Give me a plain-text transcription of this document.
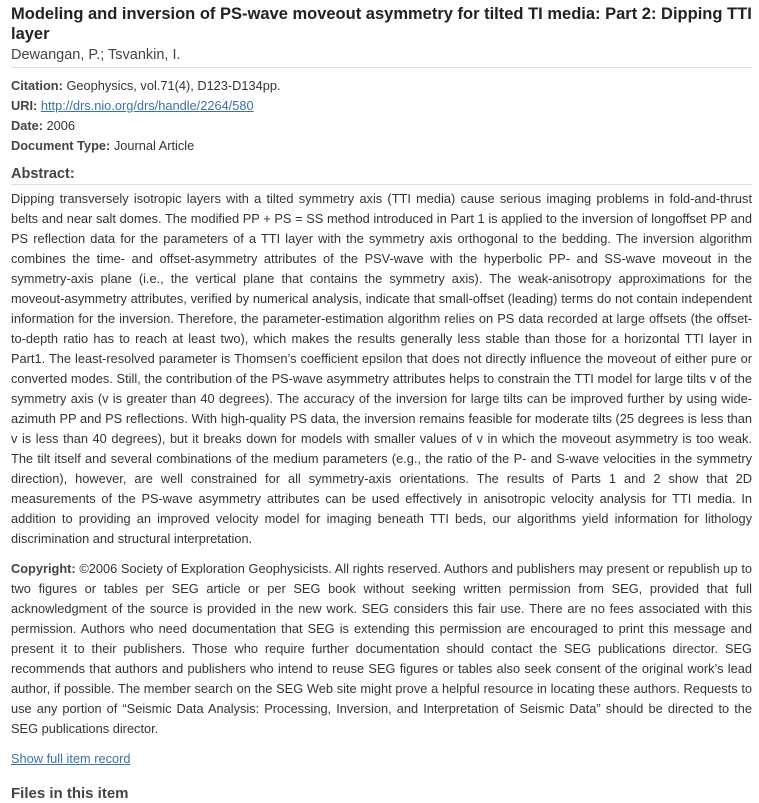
Modeling and inversion of PS-wave moveout asymmetry for tilted TI media: Part 2: Dipping TTI layer
Dewangan, P.; Tsvankin, I.
Citation: Geophysics, vol.71(4), D123-D134pp.
URI: http://drs.nio.org/drs/handle/2264/580
Date: 2006
Document Type: Journal Article
Abstract:

Dipping transversely isotropic layers with a tilted symmetry axis (TTI media) cause serious imaging problems in fold-and-thrust belts and near salt domes. The modified PP + PS = SS method introduced in Part 1 is applied to the inversion of longoffset PP and PS reflection data for the parameters of a TTI layer with the symmetry axis orthogonal to the bedding. The inversion algorithm combines the time- and offset-asymmetry attributes of the PSV-wave with the hyperbolic PP- and SS-wave moveout in the symmetry-axis plane (i.e., the vertical plane that contains the symmetry axis). The weak-anisotropy approximations for the moveout-asymmetry attributes, verified by numerical analysis, indicate that small-offset (leading) terms do not contain independent information for the inversion. Therefore, the parameter-estimation algorithm relies on PS data recorded at large offsets (the offset-to-depth ratio has to reach at least two), which makes the results generally less stable than those for a horizontal TTI layer in Part1. The least-resolved parameter is Thomsen’s coefficient epsilon that does not directly influence the moveout of either pure or converted modes. Still, the contribution of the PS-wave asymmetry attributes helps to constrain the TTI model for large tilts v of the symmetry axis (v is greater than 40 degrees). The accuracy of the inversion for large tilts can be improved further by using wide-azimuth PP and PS reflections. With high-quality PS data, the inversion remains feasible for moderate tilts (25 degrees is less than v is less than 40 degrees), but it breaks down for models with smaller values of v in which the moveout asymmetry is too weak. The tilt itself and several combinations of the medium parameters (e.g., the ratio of the P- and S-wave velocities in the symmetry direction), however, are well constrained for all symmetry-axis orientations. The results of Parts 1 and 2 show that 2D measurements of the PS-wave asymmetry attributes can be used effectively in anisotropic velocity analysis for TTI media. In addition to providing an improved velocity model for imaging beneath TTI beds, our algorithms yield information for lithology discrimination and structural interpretation.

Copyright: ©2006 Society of Exploration Geophysicists. All rights reserved. Authors and publishers may present or republish up to two figures or tables per SEG article or per SEG book without seeking written permission from SEG, provided that full acknowledgment of the source is provided in the new work. SEG considers this fair use. There are no fees associated with this permission. Authors who need documentation that SEG is extending this permission are encouraged to print this message and present it to their publishers. Those who require further documentation should contact the SEG publications director. SEG recommends that authors and publishers who intend to reuse SEG figures or tables also seek consent of the original work’s lead author, if possible. The member search on the SEG Web site might prove a helpful resource in locating these authors. Requests to use any portion of “Seismic Data Analysis: Processing, Inversion, and Interpretation of Seismic Data” should be directed to the SEG publications director.

Show full item record
Files in this item
